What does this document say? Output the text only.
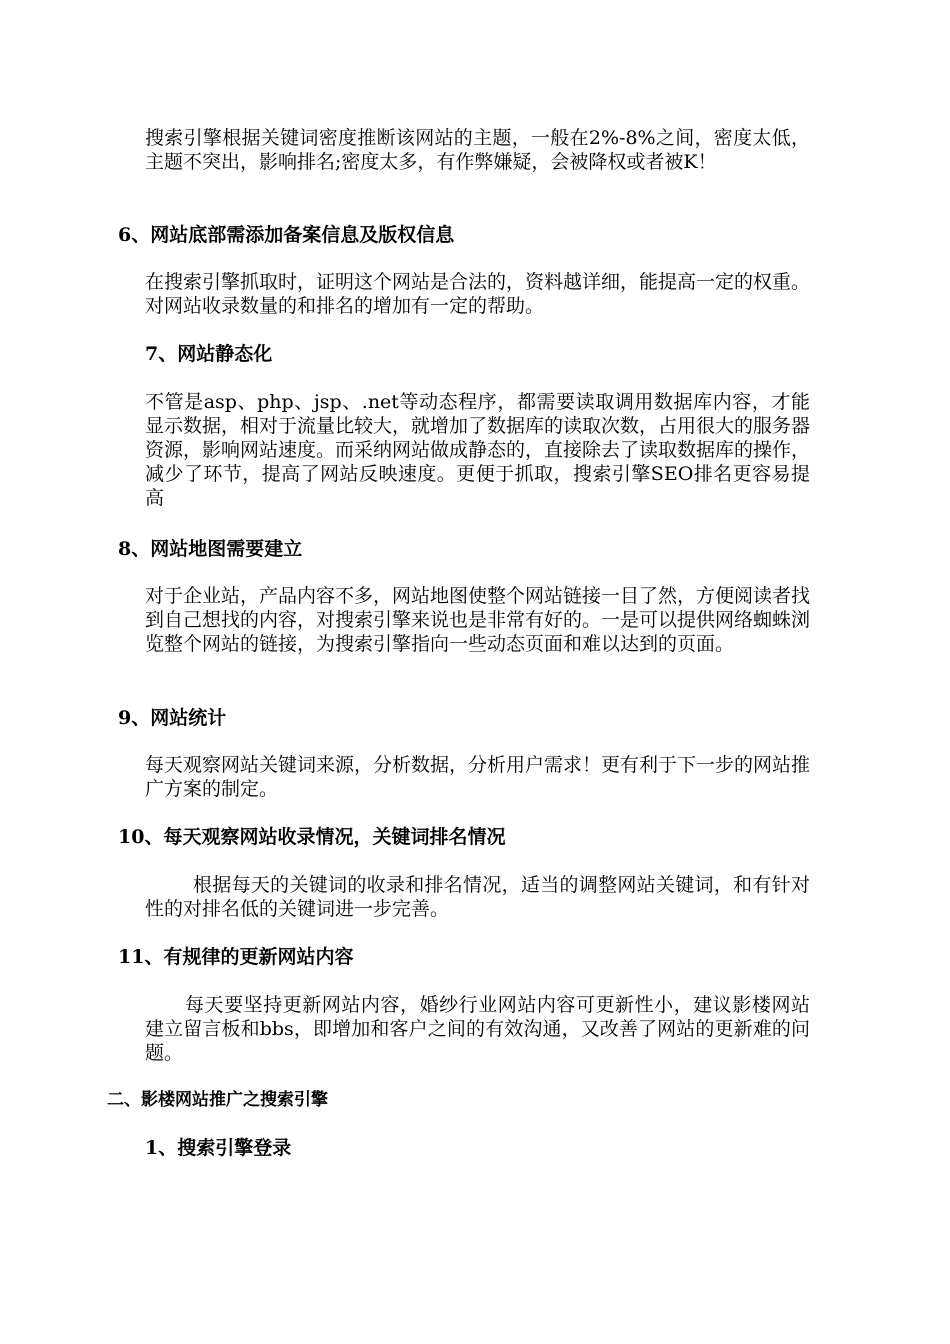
搜索引擎根据关键词密度推断该网站的主题，一般在2%-8%之间，密度太低，主题不突出，影响排名;密度太多，有作弊嫌疑，会被降权或者被K！

6、网站底部需添加备案信息及版权信息

在搜索引擎抓取时，证明这个网站是合法的，资料越详细，能提高一定的权重。对网站收录数量的和排名的增加有一定的帮助。

7、网站静态化

不管是asp、php、jsp、.net等动态程序，都需要读取调用数据库内容，才能显示数据，相对于流量比较大，就增加了数据库的读取次数，占用很大的服务器资源，影响网站速度。而采纳网站做成静态的，直接除去了读取数据库的操作，减少了环节，提高了网站反映速度。更便于抓取，搜索引擎SEO排名更容易提高

8、网站地图需要建立

对于企业站，产品内容不多，网站地图使整个网站链接一目了然，方便阅读者找到自己想找的内容，对搜索引擎来说也是非常有好的。一是可以提供网络蜘蛛浏览整个网站的链接，为搜索引擎指向一些动态页面和难以达到的页面。

9、网站统计

每天观察网站关键词来源，分析数据，分析用户需求！更有利于下一步的网站推广方案的制定。

10、每天观察网站收录情况，关键词排名情况

根据每天的关键词的收录和排名情况，适当的调整网站关键词，和有针对性的对排名低的关键词进一步完善。

11、有规律的更新网站内容

每天要坚持更新网站内容，婚纱行业网站内容可更新性小，建议影楼网站建立留言板和bbs，即增加和客户之间的有效沟通，又改善了网站的更新难的问题。

二、影楼网站推广之搜索引擎

1、搜索引擎登录
